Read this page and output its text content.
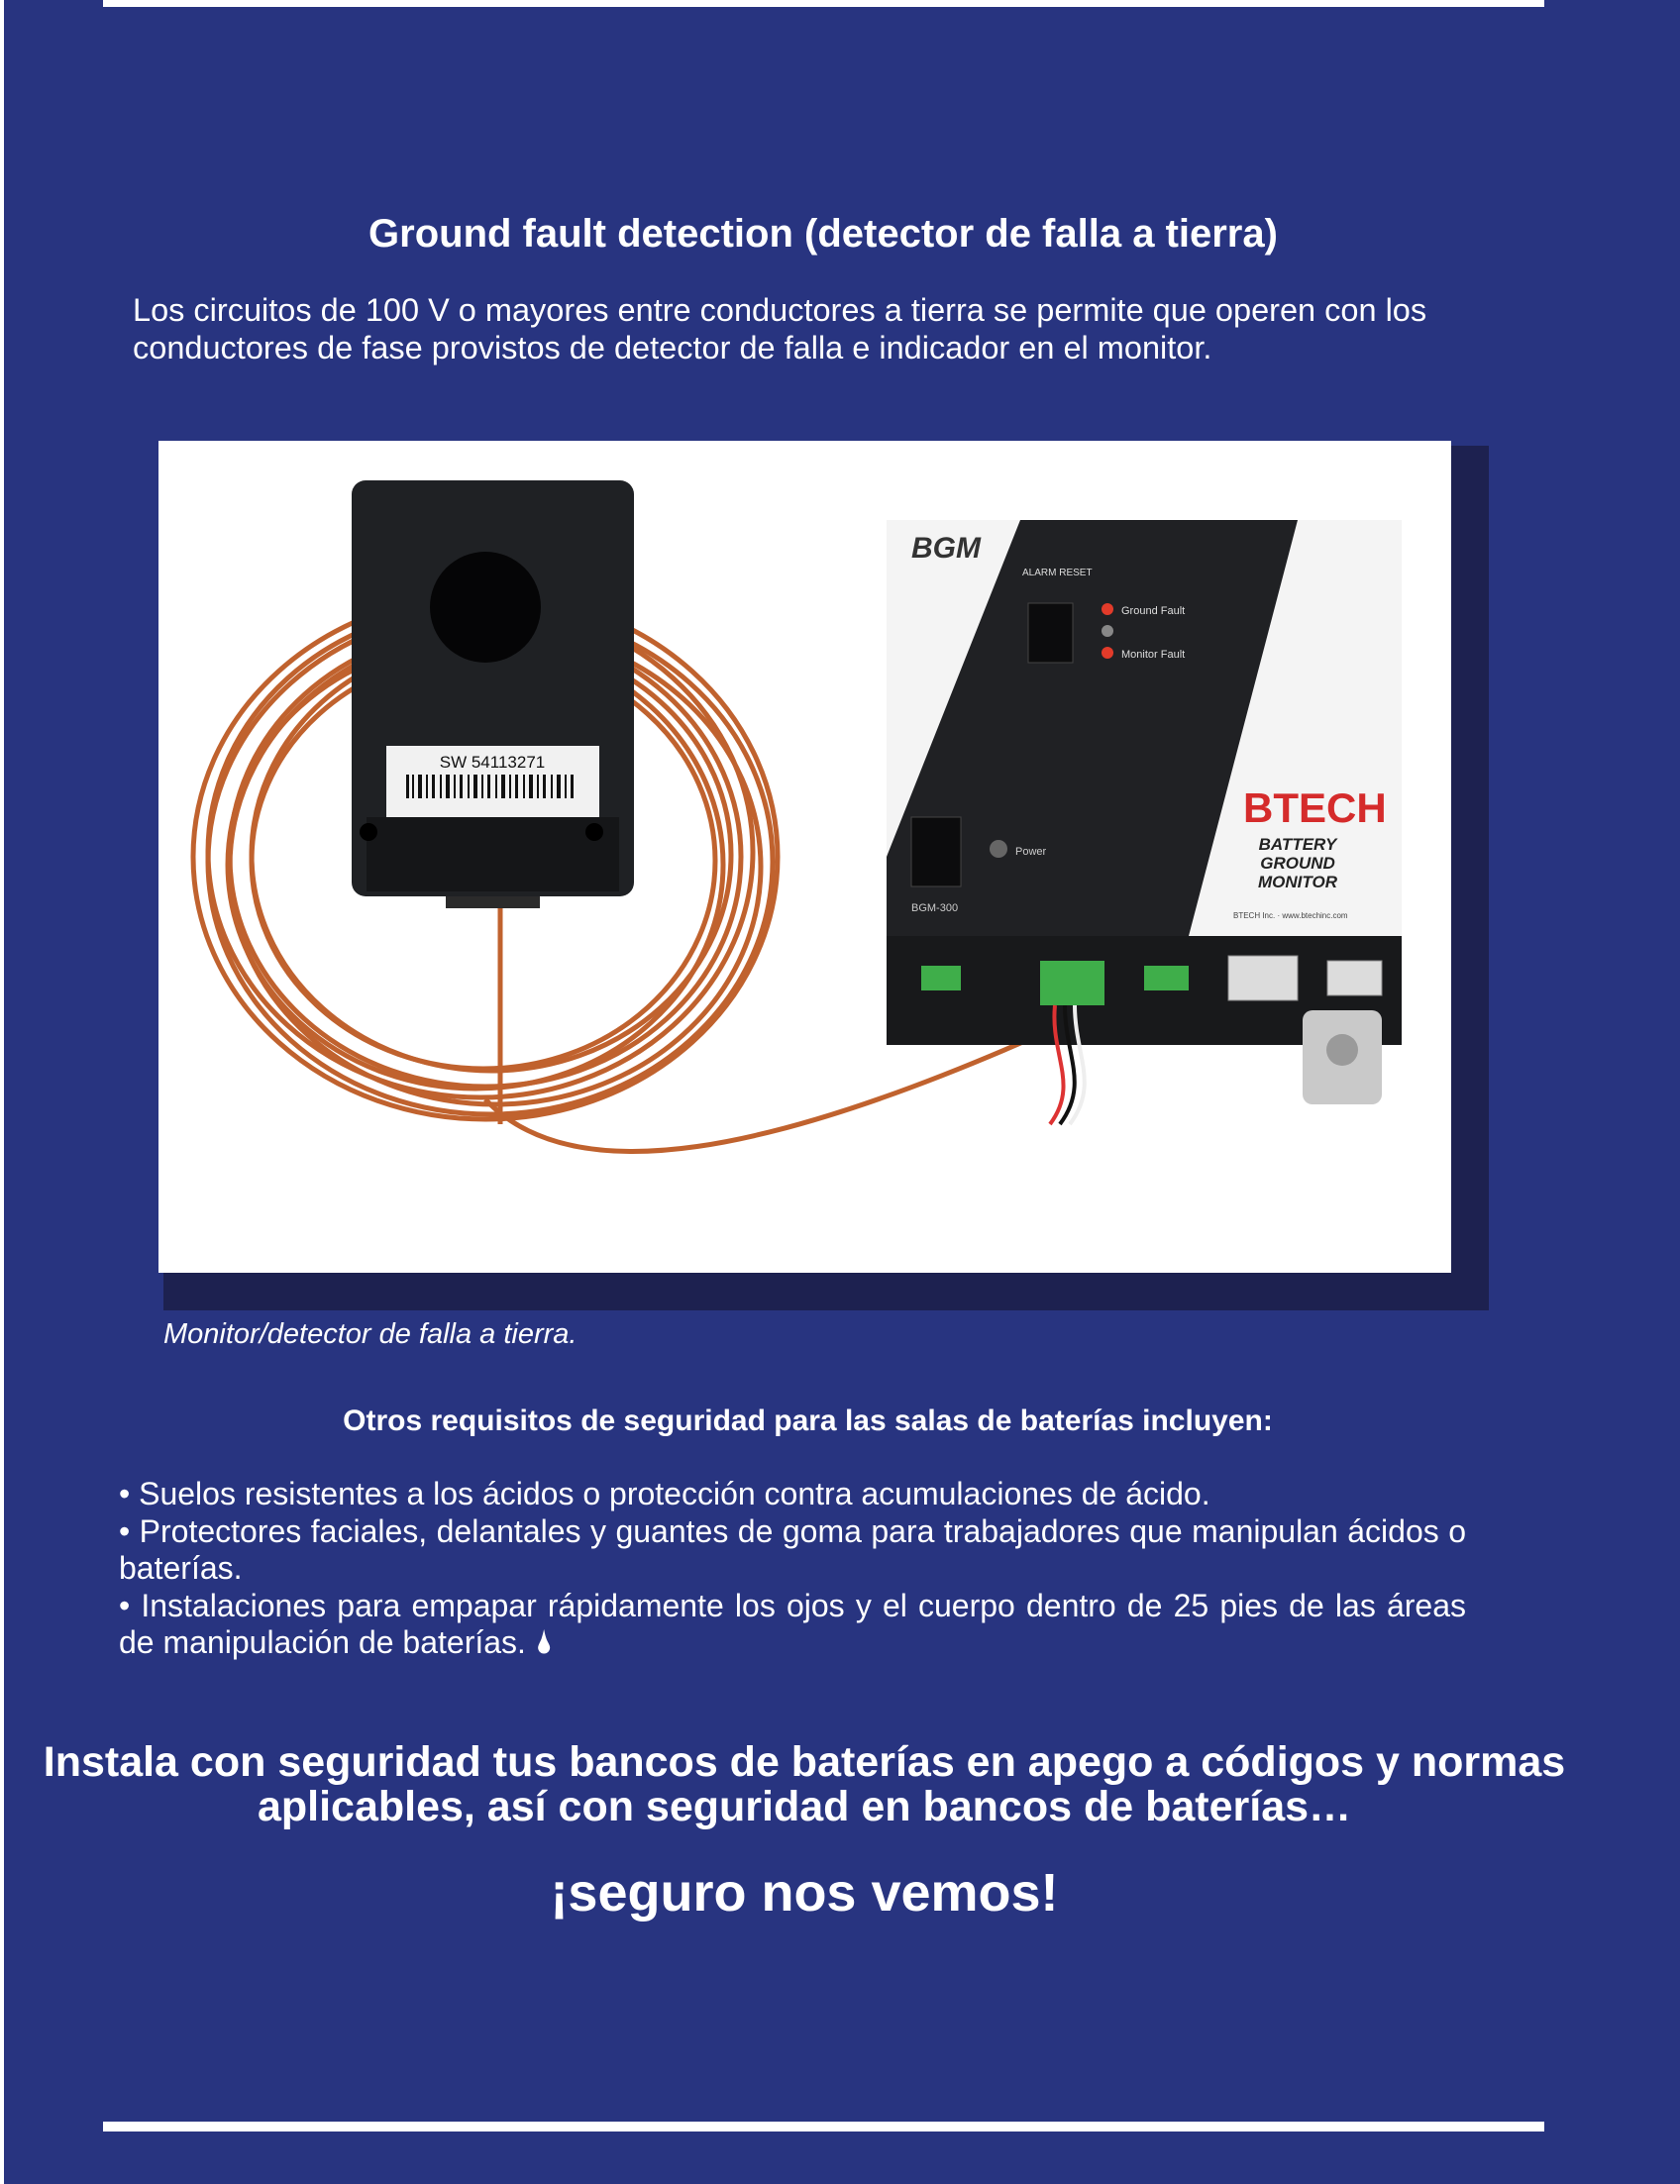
Ground fault detection (detector de falla a tierra)
Los circuitos de 100 V o mayores entre conductores a tierra se permite que operen con los conductores de fase provistos de detector de falla e indicador en el monitor.
SW 54113271
BGM
ALARM RESET
Ground Fault
Monitor Fault
Power
BGM-300
BTECH
BATTERY
GROUND
MONITOR
BTECH Inc. · www.btechinc.com
Monitor/detector de falla a tierra.
Otros requisitos de seguridad para las salas de baterías incluyen:

• Suelos resistentes a los ácidos o protección contra acumulaciones de ácido.

• Protectores faciales, delantales y guantes de goma para trabajadores que manipulan ácidos o baterías.

• Instalaciones para empapar rápidamente los ojos y el cuerpo dentro de 25 pies de las áreas de manipulación de baterías. 🌢

Instala con seguridad tus bancos de baterías en apego a códigos y normas aplicables, así con seguridad en bancos de baterías…
¡seguro nos vemos!
